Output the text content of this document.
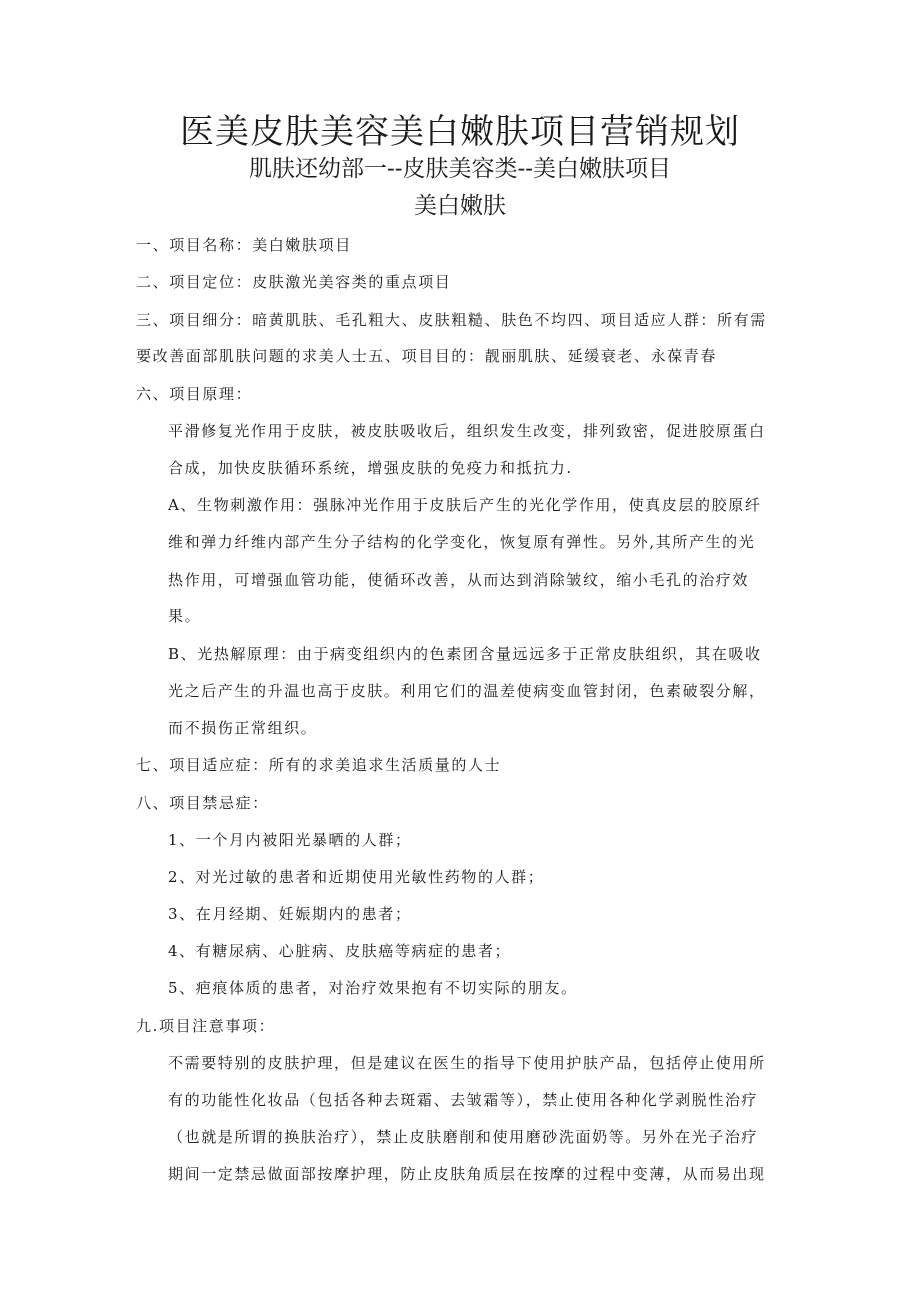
医美皮肤美容美白嫩肤项目营销规划
肌肤还幼部一--皮肤美容类--美白嫩肤项目
美白嫩肤

一、项目名称：美白嫩肤项目

二、项目定位：皮肤激光美容类的重点项目

三、项目细分：暗黄肌肤、毛孔粗大、皮肤粗糙、肤色不均四、项目适应人群：所有需

要改善面部肌肤问题的求美人士五、项目目的：靓丽肌肤、延缓衰老、永葆青春

六、项目原理：

平滑修复光作用于皮肤，被皮肤吸收后，组织发生改变，排列致密，促进胶原蛋白

合成，加快皮肤循环系统，增强皮肤的免疫力和抵抗力.

A、生物刺激作用：强脉冲光作用于皮肤后产生的光化学作用，使真皮层的胶原纤

维和弹力纤维内部产生分子结构的化学变化，恢复原有弹性。另外,其所产生的光

热作用，可增强血管功能，使循环改善，从而达到消除皱纹，缩小毛孔的治疗效

果。

B、光热解原理：由于病变组织内的色素团含量远远多于正常皮肤组织，其在吸收

光之后产生的升温也高于皮肤。利用它们的温差使病变血管封闭，色素破裂分解，

而不损伤正常组织。

七、项目适应症：所有的求美追求生活质量的人士

八、项目禁忌症：

1、一个月内被阳光暴晒的人群；

2、对光过敏的患者和近期使用光敏性药物的人群；

3、在月经期、妊娠期内的患者；

4、有糖尿病、心脏病、皮肤癌等病症的患者；

5、疤痕体质的患者，对治疗效果抱有不切实际的朋友。

九.项目注意事项：

不需要特别的皮肤护理，但是建议在医生的指导下使用护肤产品，包括停止使用所

有的功能性化妆品（包括各种去斑霜、去皱霜等），禁止使用各种化学剥脱性治疗

（也就是所谓的换肤治疗），禁止皮肤磨削和使用磨砂洗面奶等。另外在光子治疗

期间一定禁忌做面部按摩护理，防止皮肤角质层在按摩的过程中变薄，从而易出现
